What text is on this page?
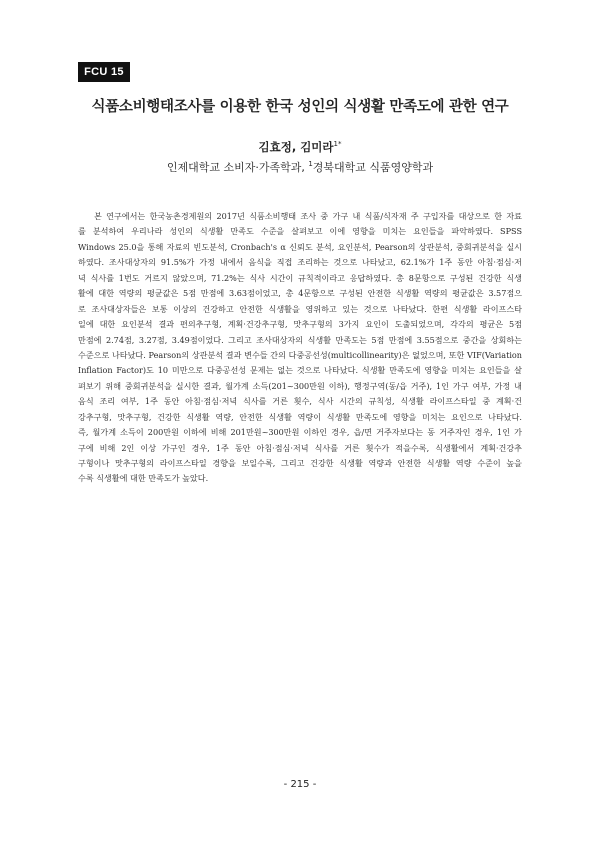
FCU 15
식품소비행태조사를 이용한 한국 성인의 식생활 만족도에 관한 연구
김효정, 김미라$^{1*}$
인제대학교 소비자·가족학과, $^1$경북대학교 식품영양학과
본 연구에서는 한국농촌경제원의 2017년 식품소비행태 조사 중 가구 내 식품/식자재 주 구입자를 대상으로 한 자료
를 분석하여 우리나라 성인의 식생활 만족도 수준을 살펴보고 이에 영향을 미치는 요인들을 파악하였다. SPSS
Windows 25.0을 통해 자료의 빈도분석, Cronbach's α 신뢰도 분석, 요인분석, Pearson의 상관분석, 중회귀분석을 실시
하였다. 조사대상자의 91.5%가 가정 내에서 음식을 직접 조리하는 것으로 나타났고, 62.1%가 1주 동안 아침·점심·저
녁 식사를 1번도 거르지 않았으며, 71.2%는 식사 시간이 규칙적이라고 응답하였다. 총 8문항으로 구성된 건강한 식생
활에 대한 역량의 평균값은 5점 만점에 3.63점이었고, 총 4문항으로 구성된 안전한 식생활 역량의 평균값은 3.57점으
로 조사대상자들은 보통 이상의 건강하고 안전한 식생활을 영위하고 있는 것으로 나타났다. 한편 식생활 라이프스타
일에 대한 요인분석 결과 편의추구형, 계획·건강추구형, 맛추구형의 3가지 요인이 도출되었으며, 각각의 평균은 5점
만점에 2.74점, 3.27점, 3.49점이었다. 그리고 조사대상자의 식생활 만족도는 5점 만점에 3.55점으로 중간을 상회하는
수준으로 나타났다. Pearson의 상관분석 결과 변수들 간의 다중공선성(multicollinearity)은 없었으며, 또한 VIF(Variation
Inflation Factor)도 10 미만으로 다중공선성 문제는 없는 것으로 나타났다. 식생활 만족도에 영향을 미치는 요인들을 살
펴보기 위해 중회귀분석을 실시한 결과, 월가계 소득(201~300만원 이하), 행정구역(동/읍 거주), 1인 가구 여부, 가정 내
음식 조리 여부, 1주 동안 아침·점심·저녁 식사를 거른 횟수, 식사 시간의 규칙성, 식생활 라이프스타일 중 계획·건
강추구형, 맛추구형, 건강한 식생활 역량, 안전한 식생활 역량이 식생활 만족도에 영향을 미치는 요인으로 나타났다.
즉, 월가계 소득이 200만원 이하에 비해 201만원~300만원 이하인 경우, 읍/면 거주자보다는 동 거주자인 경우, 1인 가
구에 비해 2인 이상 가구인 경우, 1주 동안 아침·점심·저녁 식사를 거른 횟수가 적을수록, 식생활에서 계획·건강추
구형이나 맛추구형의 라이프스타일 경향을 보일수록, 그리고 건강한 식생활 역량과 안전한 식생활 역량 수준이 높을
수록 식생활에 대한 만족도가 높았다.
- 215 -
